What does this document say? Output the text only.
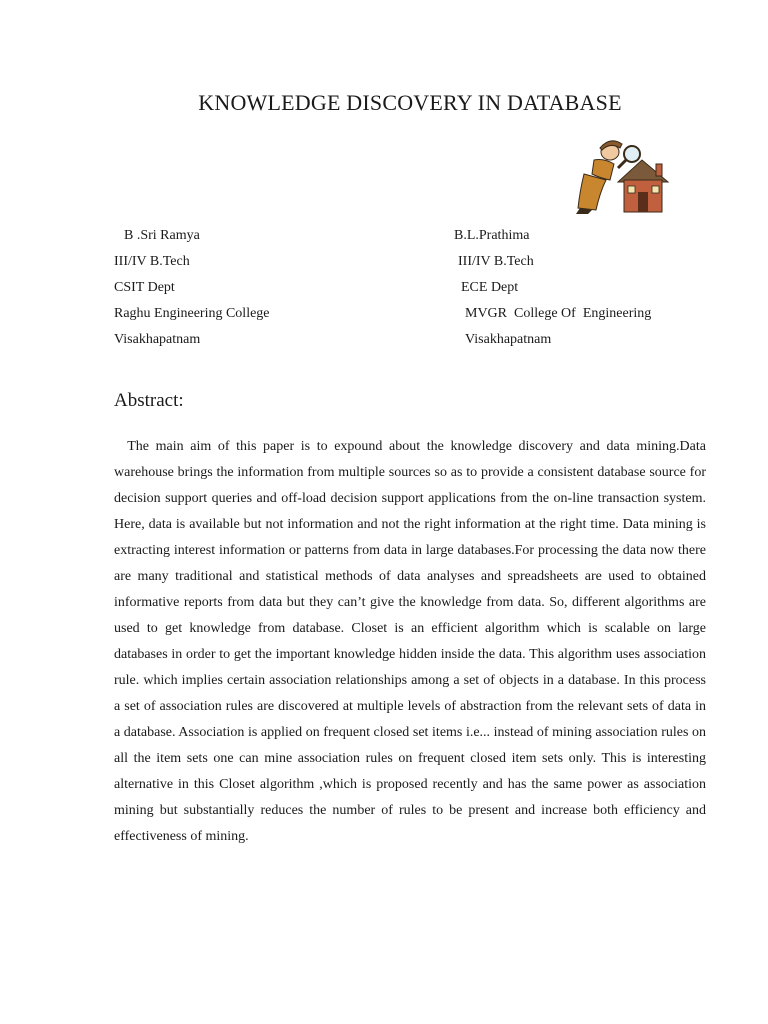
KNOWLEDGE DISCOVERY IN DATABASE
B .Sri Ramya
III/IV B.Tech
CSIT Dept
Raghu Engineering College
Visakhapatnam
B.L.Prathima
III/IV B.Tech
ECE Dept
MVGR  College Of  Engineering
Visakhapatnam
Abstract:

The main aim of this paper is to expound about the knowledge discovery and data mining.Data warehouse brings the information from multiple sources so as to provide a consistent database source for decision support queries and off-load decision support applications from the on-line transaction system. Here, data is available but not information and not the right information at the right time. Data mining is extracting interest information or patterns from data in large databases.For processing the data now there are many traditional and statistical methods of data analyses and spreadsheets are used to obtained informative reports from data but they can’t give the knowledge from data. So, different algorithms are used to get knowledge from database. Closet is an efficient algorithm which is scalable on large databases in order to get the important knowledge hidden inside the data. This algorithm uses association rule. which implies certain association relationships among a set of objects in a database. In this process a set of association rules are discovered at multiple levels of abstraction from the relevant sets of data in a database. Association is applied on frequent closed set items i.e... instead of mining association rules on all the item sets one can mine association rules on frequent closed item sets only. This is interesting alternative in this Closet algorithm ,which is proposed recently and has the same power as association mining but substantially reduces the number of rules to be present and increase both efficiency and effectiveness of mining.
